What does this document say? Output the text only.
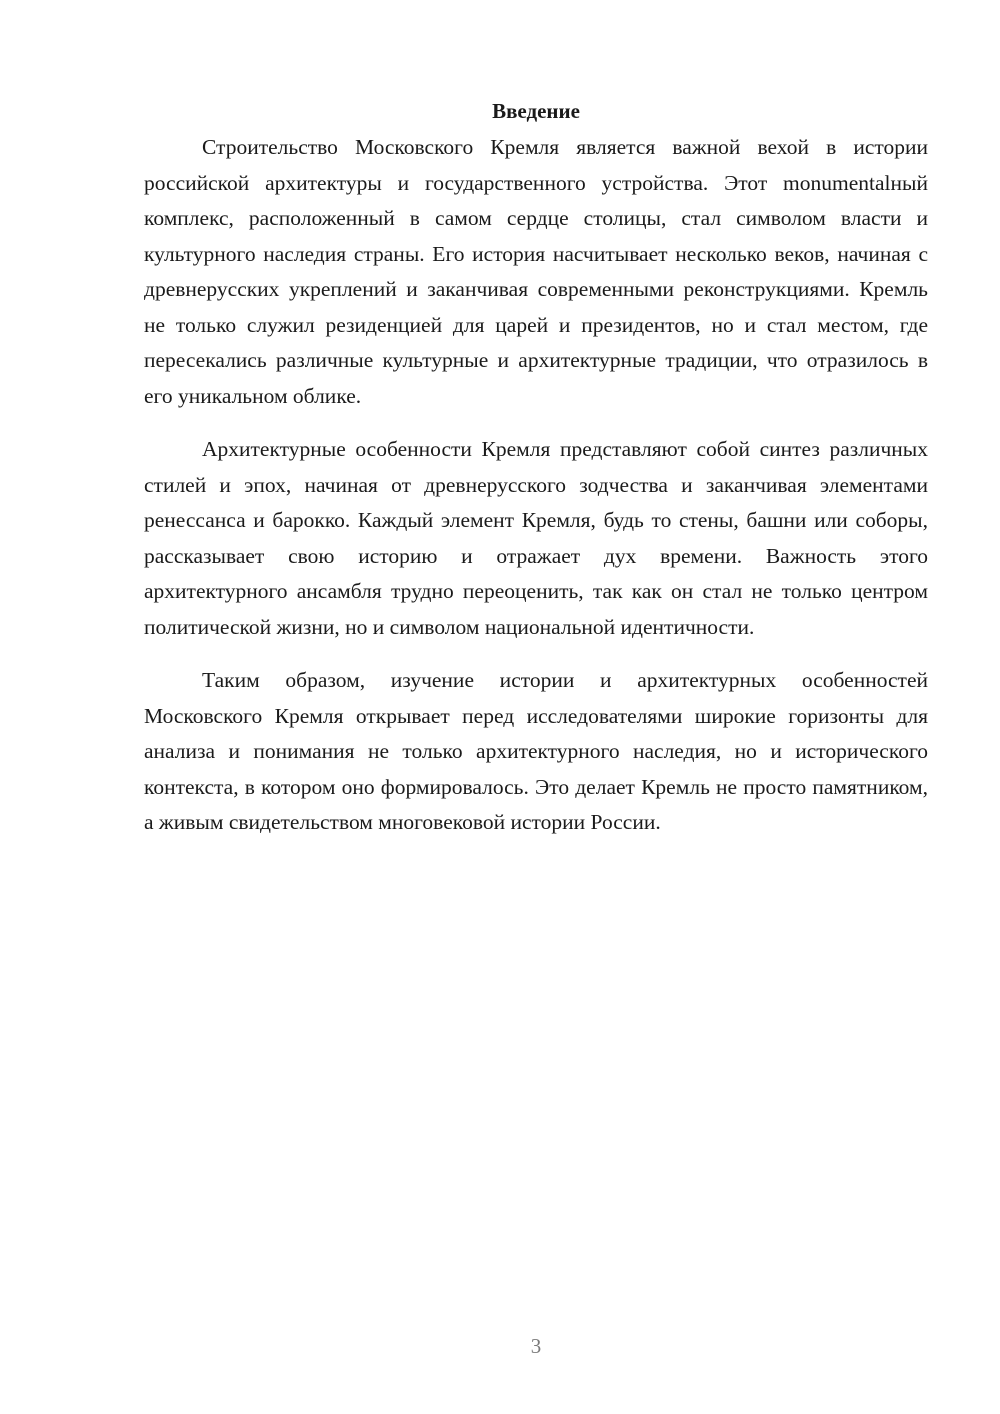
Введение

Строительство Московского Кремля является важной вехой в истории российской архитектуры и государственного устройства. Этот monumentalный комплекс, расположенный в самом сердце столицы, стал символом власти и культурного наследия страны. Его история насчитывает несколько веков, начиная с древнерусских укреплений и заканчивая современными реконструкциями. Кремль не только служил резиденцией для царей и президентов, но и стал местом, где пересекались различные культурные и архитектурные традиции, что отразилось в его уникальном облике.

Архитектурные особенности Кремля представляют собой синтез различных стилей и эпох, начиная от древнерусского зодчества и заканчивая элементами ренессанса и барокко. Каждый элемент Кремля, будь то стены, башни или соборы, рассказывает свою историю и отражает дух времени. Важность этого архитектурного ансамбля трудно переоценить, так как он стал не только центром политической жизни, но и символом национальной идентичности.

Таким образом, изучение истории и архитектурных особенностей Московского Кремля открывает перед исследователями широкие горизонты для анализа и понимания не только архитектурного наследия, но и исторического контекста, в котором оно формировалось. Это делает Кремль не просто памятником, а живым свидетельством многовековой истории России.

3
